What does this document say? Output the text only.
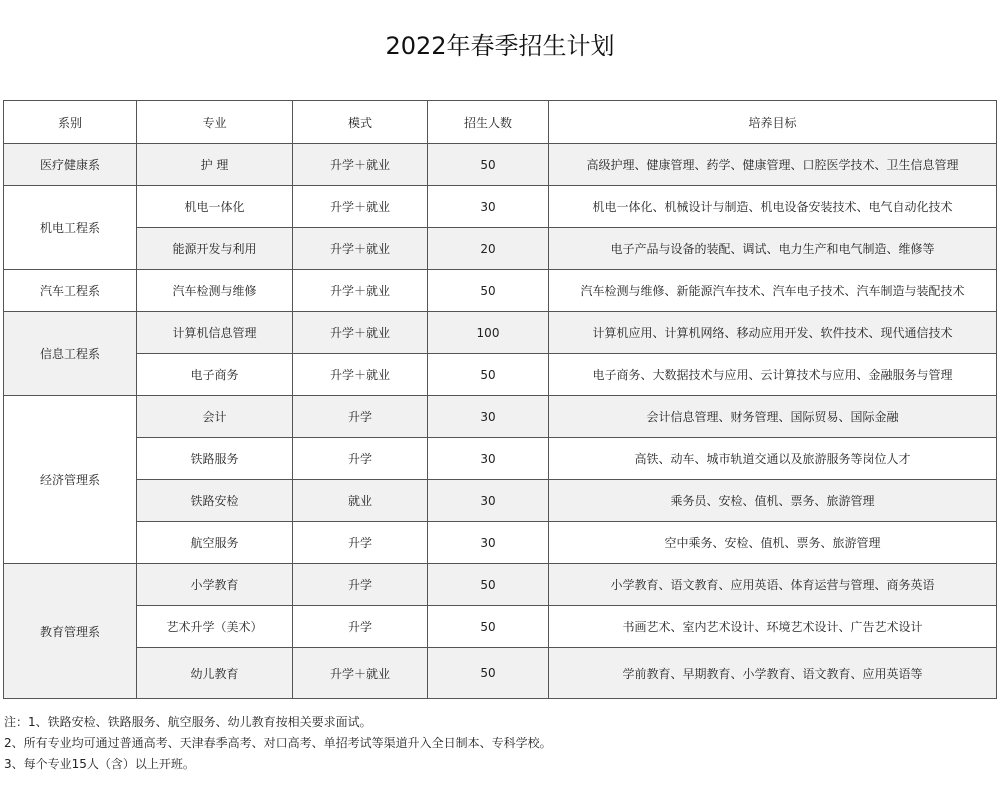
2022年春季招生计划
系别	专业	模式	招生人数	培养目标
医疗健康系	护 理	升学＋就业	50	高级护理、健康管理、药学、健康管理、口腔医学技术、卫生信息管理
机电工程系	机电一体化	升学＋就业	30	机电一体化、机械设计与制造、机电设备安装技术、电气自动化技术
	能源开发与利用	升学＋就业	20	电子产品与设备的装配、调试、电力生产和电气制造、维修等
汽车工程系	汽车检测与维修	升学＋就业	50	汽车检测与维修、新能源汽车技术、汽车电子技术、汽车制造与装配技术
信息工程系	计算机信息管理	升学＋就业	100	计算机应用、计算机网络、移动应用开发、软件技术、现代通信技术
	电子商务	升学＋就业	50	电子商务、大数据技术与应用、云计算技术与应用、金融服务与管理
经济管理系	会计	升学	30	会计信息管理、财务管理、国际贸易、国际金融
	铁路服务	升学	30	高铁、动车、城市轨道交通以及旅游服务等岗位人才
	铁路安检	就业	30	乘务员、安检、值机、票务、旅游管理
	航空服务	升学	30	空中乘务、安检、值机、票务、旅游管理
教育管理系	小学教育	升学	50	小学教育、语文教育、应用英语、体育运营与管理、商务英语
	艺术升学（美术）	升学	50	书画艺术、室内艺术设计、环境艺术设计、广告艺术设计
	幼儿教育	升学＋就业	50	学前教育、早期教育、小学教育、语文教育、应用英语等
注：1、铁路安检、铁路服务、航空服务、幼儿教育按相关要求面试。
2、所有专业均可通过普通高考、天津春季高考、对口高考、单招考试等渠道升入全日制本、专科学校。
3、每个专业15人（含）以上开班。
